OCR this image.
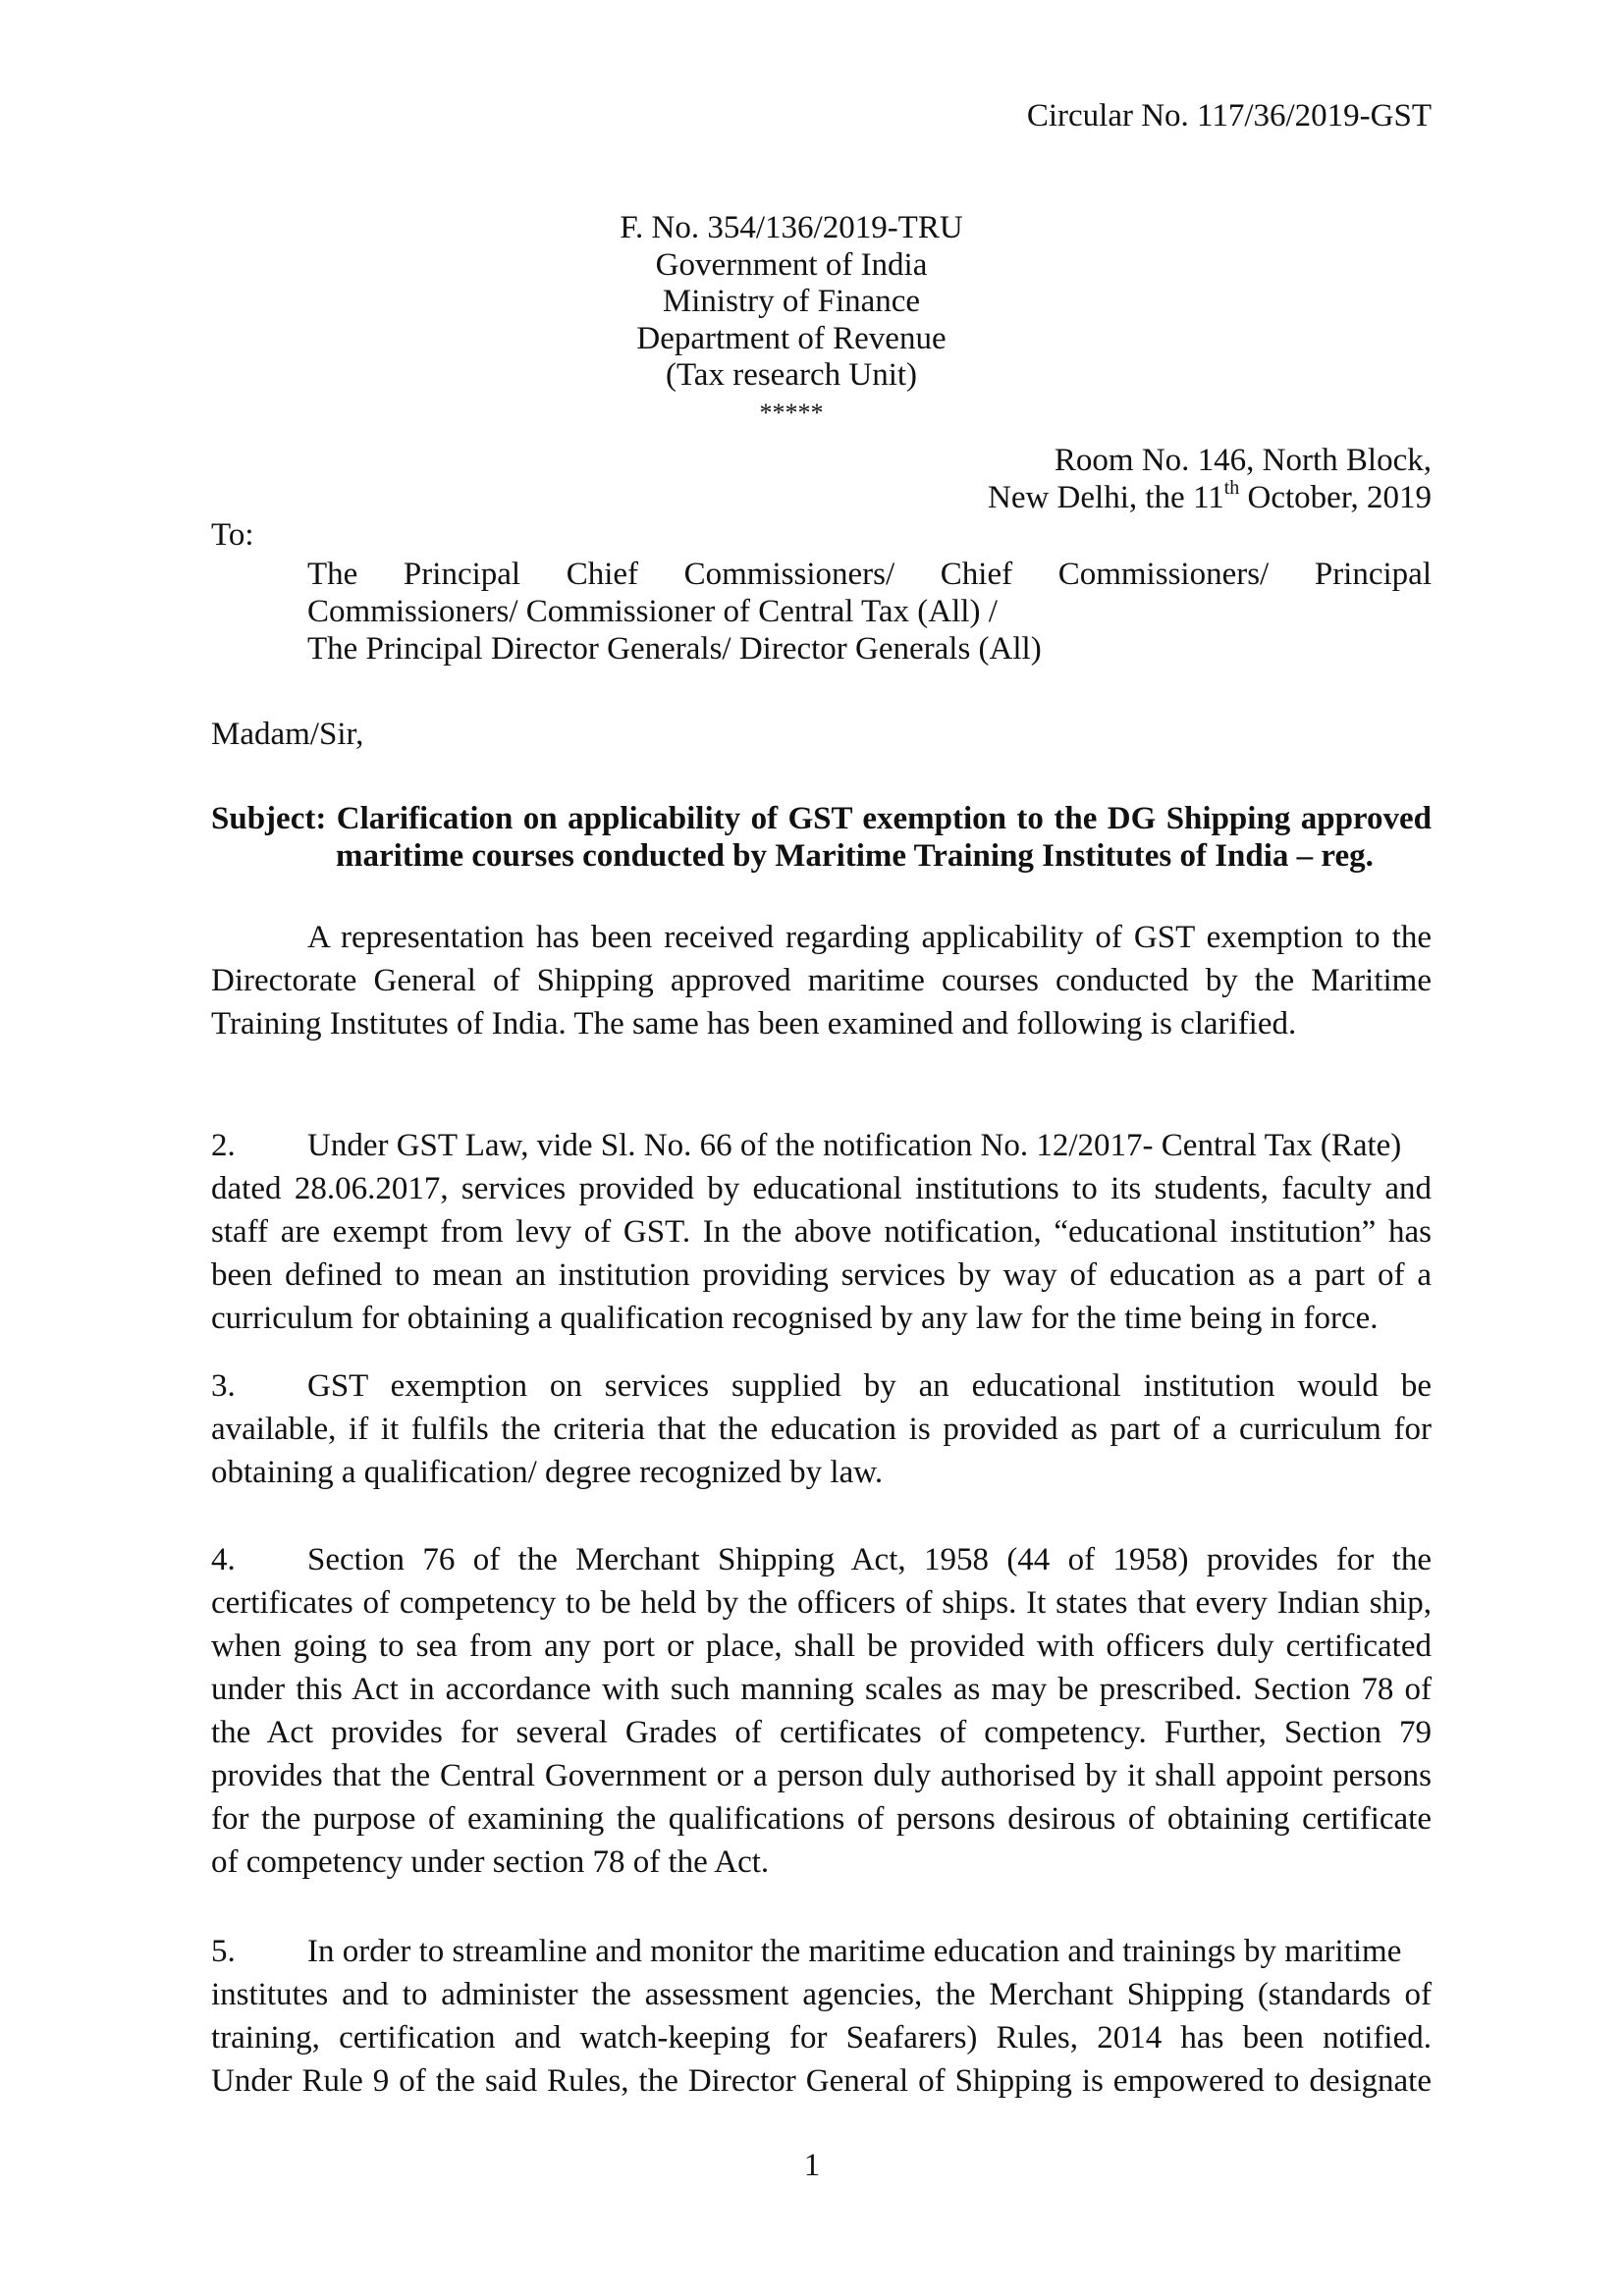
Circular No. 117/36/2019-GST
F. No. 354/136/2019-TRU
Government of India
Ministry of Finance
Department of Revenue
(Tax research Unit)
*****
Room No. 146, North Block,
New Delhi, the 11th October, 2019
To:
The Principal Chief Commissioners/ Chief Commissioners/ Principal
Commissioners/ Commissioner of Central Tax (All) /
The Principal Director Generals/ Director Generals (All)
Madam/Sir,
Subject: Clarification on applicability of GST exemption to the DG Shipping approved
maritime courses conducted by Maritime Training Institutes of India – reg.
A representation has been received regarding applicability of GST exemption to the
Directorate General of Shipping approved maritime courses conducted by the Maritime
Training Institutes of India. The same has been examined and following is clarified.
2. Under GST Law, vide Sl. No. 66 of the notification No. 12/2017- Central Tax (Rate)
dated 28.06.2017, services provided by educational institutions to its students, faculty and
staff are exempt from levy of GST. In the above notification, “educational institution” has
been defined to mean an institution providing services by way of education as a part of a
curriculum for obtaining a qualification recognised by any law for the time being in force.
3. GST exemption on services supplied by an educational institution would be
available, if it fulfils the criteria that the education is provided as part of a curriculum for
obtaining a qualification/ degree recognized by law.
4. Section 76 of the Merchant Shipping Act, 1958 (44 of 1958) provides for the
certificates of competency to be held by the officers of ships. It states that every Indian ship,
when going to sea from any port or place, shall be provided with officers duly certificated
under this Act in accordance with such manning scales as may be prescribed. Section 78 of
the Act provides for several Grades of certificates of competency. Further, Section 79
provides that the Central Government or a person duly authorised by it shall appoint persons
for the purpose of examining the qualifications of persons desirous of obtaining certificate
of competency under section 78 of the Act.
5. In order to streamline and monitor the maritime education and trainings by maritime
institutes and to administer the assessment agencies, the Merchant Shipping (standards of
training, certification and watch-keeping for Seafarers) Rules, 2014 has been notified.
Under Rule 9 of the said Rules, the Director General of Shipping is empowered to designate
1
